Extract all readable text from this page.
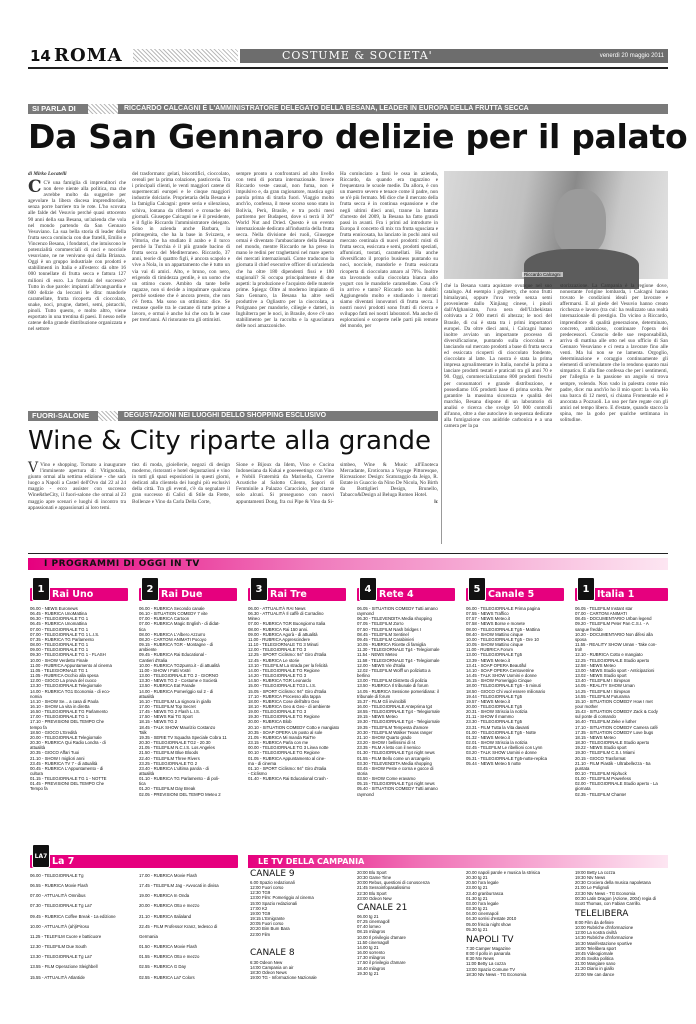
14 ROMA	COSTUME & SOCIETA'	venerdì 20 maggio 2011
SI PARLA DI	RICCARDO CALCAGNI È L'AMMINISTRATORE DELEGATO DELLA BESANA, LEADER IN EUROPA DELLA FRUTTA SECCA
Da San Gennaro delizie per il palato
di Mirko Locatelli
C C'è una famiglia di imprenditori che non deve niente alla politica, ma che avrebbe molto da suggerire per agevolare la libera discesa imprenditoriale, senza porre barriere tra le rote. L'ho scovata alle falde del Vesuvio perché quasi ottocento 90 anni della sua Besana, un'azienda che vola nel mondo partendo da San Gennaro Vesuviano. La sua bella storia di leader della frutta secca comincia con due fratelli, Emilio e Vincenzo Besana, i fondatori, che intuiscono le potenzialità commerciali di noci e nocciole vesuviane, ne ne venivano qui dalla Brianza. Oggi è un gruppo industriale con prodotti e stabilimenti in Italia e all'estero: dà oltre 16 000 tonnellate di frutta secca e fattura 127 milioni di euro. La formula del successo? Tutto in due parole: impianti all'avanguardia e 600 delizie da leccarsi le dita: mandorle caramellate, frutta ricoperta di cioccolato, snake, noci, prugne, datteri, semi, pistacchi, pinoli. Tutto questo, e molto altro, viene esportato in una trentina di paesi. Il nesso nelle catene della grande distribuzione organizzata e nel settore
del trasformato: gelati, biscottifici, cioccolato, cereali per la prima colazione, pasticceria. Tra i principali clienti, le venti maggiori catene di supermercati europei e le cinque maggiori industrie dolciarie. Proprietaria della Besana è la famiglia Calcagni: gente seria e silenziosa, schiva, lontana da riflettori e cronache dei giornali. Giuseppe Calcagni ne è il presidente, e il figlio Riccardo l'amministratore delegato. Sono in azienda anche Barbara, la primogenita, che ha la base in Svizzera, e Vittoria, che ha studiato il arabo e il turco perché la Turchia è il più grande bacino di frutta secca del Mediterraneo. Riccardo, 37 anni, teorie di quattro figli, è ancora scapolo e vive a Nola, in un appartamento che è tutto un via vai di amici. Alto, e bruno, con nero, erigendo di timidezza gentile, è un uomo che un ottimo cuore. Ambito da tante belle ragazze, non si decide a impalmare qualcuna perché sostiene che è ancora presto, che non c'è fretta. Ma sono un ottimista: dice. Se restasse quelle tra le castane di tutte prime a lavoro, e ormai è anche lui che ora fa le case per trent'anni. Al ristorante tra gli ottimisti.
sempre pronto a confrontarsi ad alto livello con temi di portata internazionale. Invece Riccardo veste casual, non fuma, non è impulsivo e, da gran ragionatore, mastica ogni parola prima di tirarla fuori. Viaggio molto anch'io, confessa, il mese scorso sono stato in Bolivia, Perù, Brasile, e tra pochi mesi partiremo per Budapest, dove si terrà il 30° World Nut and Dried. Questo è un evento internazionale dedicato all'industria della frutta secca. Nella divisione dei ruoli, Giuseppe ormai è diventato l'ambasciatore della Besana nel mondo, mentre Riccardo ne ha preso in mano le redini per traghettarsi nel mare aperto dei mercati internazionali. Come traducono la giornata il chief executive officer di un'azienda che ha oltre 180 dipendenti fissi e 180 stagionali? Si occupa principalmente di due aspetti: la produzione e l'acquisto delle materie prime. Spiega: Oltre al moderno impianto di San Gennaro, la Besana ha altre sedi produttive a Ogliastro per la cioccolata, a Putignano per mandorle, ciliegie e datteri, in Inghilterra per le noci, in Brasile, dove c'è uno stabilimento per la raccolta e la sgusciatura delle noci amazzoniche.
Ha cominciato a farsi le ossa in azienda, Riccardo, da quando era ragazzino e frequentava le scuole medie. Da allora, è con un maestro severo e tenace come il padre, non se n'è più fermato. Mi dice che il mercato della frutta secca è in continua espansione e che negli ultimi dieci anni, tranne la battuta d'arresto del 2009, la Besana ha fatto grandi passi in avanti. Fra i primi ad introdurre in Europa il concetto di mix tra frutta sgusciata e frutta ennicosata, ha lanciato in pochi anni sul mercato centinaia di nuovi prodotti: misti di frutta secca, essiccata e semi, prodotti speziati, affumicati, tostati, caramellati. Ha anche diversificato il proprio business puntando su noci, nocciole, mandorle e frutta essiccata ricoperta di cioccolato amaro al 70%. Inoltre sta lavorando sulla cioccolata bianca allo yogurt con le mandorle caramellate. Cosa c'è in arrivo e tanto? Riccardo non ha dubbi: Aggiungendo molto e studiando i mercati siamo diventati innovatori di frutta secca. I nostri nuovi prodotti sono frutti di ricerca e sviluppo fatti nei nostri laboratori. Ma anche di esplorazioni e scoperte nelle parti più remote del mondo, per
Riccardo Calcagni
ché la Besana vanta aquistare ovunque nel suo catalogo. Ad esempio i gojiberry, che sono frutti himalayani, oppure l'uva verde senza semi proveniente dallo Xinjiang cinese, i pinoli dall'Afghanistan, l'uva nera dell'Uzbekistan coltivata a 2 000 metri di altezza; le noci del Brasile, di cui è stata tra i primi importatori europei. Da oltre dieci anni, i Calcagni hanno inoltre avviato un importante processo di diversificazione, puntando sulla cioccolata e lanciando sul mercato prodotti a base di frutta secca ed essiccata ricoperti di cioccolato fondente, cioccolato al latte. La nostra è stata la prima impresa agroalimentare in Italia, nonché la prima a lanciare prodotti testati e praticati tra gli anni 70 e 90. Oggi, commercializziamo 800 prodotti freschi per consumatori e grande distribuzione, e possediamo 105 prodotti base di prima scelta. Per garantire la massima sicurezza e qualità dei marchio, Besana dispone di un laboratorio di analisi e ricerca che svolge 50 000 controlli all'anno, oltre a due autoclave in sequenza dedicate alla fumigazione con anidride carbonica e a una camera per la pa
storizzazione. La Campania è la regione dove, nonostante l'origine lombarda, i Calcagni hanno trovato le condizioni ideali per lavorare e affermarsi. E al piede del Vesuvio hanno creato ricchezza e lavoro (tra cui: ha realizzato una realtà internazionale di prestigio. Da vicino a Riccardo, imprenditore di qualità generazione, determinato, concreto, ambizioso, continuare l'opera dei predecessori. Conscio delle sue responsabilità, arriva di mattina alle otto nel suo ufficio di San Gennaro Vesuviano e ci resta a lavorare fino alle venti. Ma lui non se ne lamenta. Orgoglio, determinazione e coraggio continuamente gli elementi di un'emulatore che lo rendono quanto mai simpatico. E alla fine confessa che per i sentimenti, per l'allegria e la passione un angolo si trova sempre, volendo. Non vado in palestra come mio padre, dice: ma anch'io ho il mio sport: la vela. Ho una barca di 12 metri, si chiama Fromentale ed è ancorata a Pozzuoli. Lo uso per fare regate con gli amici nel tempo libero. E d'estate, quando stacco la spina, me la godo per qualche settimana in solitudine.
FUORI-SALONE	DEGUSTAZIONI NEI LUOGHI DELLO SHOPPING ESCLUSIVO
Wine & City riparte alla grande
V Vino e shopping. Tornato a inaugurare l'imminente apertura di: Vitignotalia, giunto ormai alla settima edizione - che sarà luogo a Napoli a Castel dell'Ovo dal 22 al 24 maggio - ecco assister con successo Wine&theCity, il fuori-salone che ormai al 23 maggio apre scenari e luoghi di incontro tra appassionati e appassionati ai loro temi.
tiez di moda, gioiellerie, negozi di design moderno, ristoranti e hotel degustazioni e vino in tutti gli spazi esposizioni in questi giorni, dedicati alla clientela dei luoghi più esclusivi della città. Tra gli eventi, c'è da segnalare il gran successo di Calici di Stile da Frette, Bollenze e Vino da Carla Della Corte,
Sione e Bijoux da Idem, Vino e Cucina Indonesiana da Kukai e gooeeeetings con Vino e Nobili Fraternità da Marinella, Caverne Acustiche al Salotto Cilento, Sapori di Femminile a Palazzo Caracciolo, per citarne solo alcuni. Si proseguono con nuovi appuntamenti Dong, fra cui Pipe & Vino da Si-
simbeo, Wine & Music all'Enoteca Mercadante, Eroticorna a Voyage Pittoresque, Ricreazione: Design: Scaturaggio da Jeigo, R. Estate in Guaccio da Nino De Nicola, No Birth da Bottiglieri Design, Brunello, Tabacco&Design al Beluga Romeo Hotel.
lc
I PROGRAMMI DI OGGI IN TV
Rai Uno
1	Rai Due
2	Rai Tre
3	Rete 4
4	Canale 5
5	Italia 1
1
06.00 - NEWS Euronews
06.45 - RUBRICA UnoMattina
06.30 - TELEGIORNALE TG 1
06.45 - RUBRICA Unomattina
07.00 - TELEGIORNALE TG 1
07.00 - TELEGIORNALE TG 1 L.I.S.
07.35 - RUBRICA TG Parlamento
08.00 - TELEGIORNALE TG 1
09.00 - TELEGIORNALE TG 1
09.30 - TELEGIORNALE TG 1 - FLASH
10.00 - SHOW Verdetto Finale
11.00 - RUBRICA Appuntamento al cinema
11.05 - TELEGIORNALE TG 1
11.05 - RUBRICA Occhio alla spesa
12.00 - GIOCO La prova del cuoco
13.30 - TELEGIORNALE Telegiornale
14.00 - RUBRICA TG1 Economia - di eco-
nomia
14.10 - SHOW Se... a casa di Paola
16.10 - SHOW La vita in diretta
16.50 - TELEGIORNALE TG Parlamento
17.00 - TELEGIORNALE TG 1
17.10 - PREVISIONI DEL TEMPO Che
tempo fa
18.50 - GIOCO L'Eredità
20.00 - TELEGIORNALE Telegiornale
20.30 - RUBRICA Qui Radio Londra - di
attualità
20.35 - GIOCO Affari Tuoi
21.10 - SHOW I migliori anni
23.45 - RUBRICA TV 7 - di attualità
00.45 - RUBRICA L'Appuntamento - di
cultura
01.15 - TELEGIORNALE TG 1 - NOTTE
01.45 - PREVISIONI DEL TEMPO Che
Tempo fa
06.00 - RUBRICA Secondo canale
06.10 - SITUATION COMEDY 7 vite
07.00 - RUBRICA Cartoon
07.00 - RUBRICA Magic English - di didat-
tica
08.00 - RUBRICA L'Albero Azzurro
08.20 - CARTONI ANIMATI Pocoyo
09.15 - RUBRICA TGR - Montagne - di
ambiente
09.45 - RUBRICA Rai Educational -
Cantieri d'Italia
10.00 - RUBRICA TG2punto.it - di attualità
11.00 - SHOW I Fatti Vostri
13.00 - TELEGIORNALE TG 2 - GIORNO
13.30 - NEWS TG 2 - Costume e Società
13.50 - RUBRICA Eat Parade
14.00 - RUBRICA Pomeriggio sul 2 - di
attualità
16.10 - TELEFILM La signora in giallo
17.00 - TELEFILM Top Secret
17.45 - NEWS TG 2 Flash L.I.S.
17.50 - NEWS Rai TG Sport
18.15 - NEWS TG 2
18.45 - TALK SHOW Maurizio Costanzo
Talk
19.35 - SERIE TV Squadra Speciale Cobra 11
20.30 - TELEGIORNALE TG2 - 20.30
21.05 - TELEFILM N.C.I.S. Los Angeles
21.50 - TELEFILM Blue Bloods
22.40 - TELEFILM Three Rivers
23.25 - TELEGIORNALE TG 2
23.40 - RUBRICA L'ultima parola - di
attualità
01.10 - RUBRICA TG Parlamento - di poli-
tica
01.20 - TELEFILM Day Break
02.05 - PREVISIONI DEL TEMPO Meteo 2
06.00 - ATTUALITÀ RAI News
06.30 - ATTUALITÀ Il caffè di Corradino
Mineo
07.00 - RUBRICA TGR Buongiorno Italia
08.00 - RUBRICA Rai 150 anni.
09.00 - RUBRICA Agorà - di attualità
11.00 - RUBRICA Apprescindere
11.10 - TELEGIORNALE TG 3 Minuti
12.00 - TELEGIORNALE TG 3
12.25 - SPORT Ciclismo: 94° Giro d'Italia
12.45 - RUBRICA Le storie
13.10 - TELEFILM La strada per la felicità
14.00 - TELEGIORNALE TG Regione
14.20 - TELEGIORNALE TG 3
14.50 - RUBRICA TGR Leonardo
15.00 - TELEGIORNALE TG3 L.I.S.
15.05 - SPORT Ciclismo: 94° Giro d'Italia
17.10 - RUBRICA Processo alla tappa
18.00 - RUBRICA Cose dell'altro Geo
18.10 - RUBRICA Geo & Geo - di ambiente
19.00 - TELEGIORNALE TG 3
19.30 - TELEGIORNALE TG Regione
20.00 - RUBRICA Blob
20.10 - SITUATION COMEDY Cotto e mangiato
20.35 - SOAP OPERA Un posto al sole
21.05 - RUBRICA Mi manda RaiTre
23.15 - RUBRICA Parla con me
00.00 - TELEGIORNALE TG 3 Linea notte
00.10 - TELEGIORNALE TG Regione
01.05 - RUBRICA Appuntamento al cine-
ma - di cinema
01.10 - SPORT Ciclismo: 94° Giro d'Italia
- Ciclismo
01.40 - RUBRICA Rai Educational Crash -
06.05 - SITUATION COMEDY Tutti amano
raymond
06.30 - TELEVENDITA Media shopping
07.05 - TELEFILM Zorro
07.50 - TELEFILM Nash bridges I
08.45 - TELEFILM Sentinel
09.45 - TELEFILM Carabinieri
10.05 - RUBRICA Ricette di famiglia
11.30 - TELEGIORNALE Tg4 - Telegiornale
11.54 - NEWS Meteo
11.58 - TELEGIORNALE Tg4 - Telegiornale
12.00 - NEWS Vie d'Italia
12.02 - TELEFILM Wolff un poliziotto a
berlino
13.00 - TELEFILM Distretto di polizia
13.50 - RUBRICA Il tribunale di forum
14.05 - RUBRICA Sessione pomeridiana: il
tribunale di forum
15.37 - FILM Gli invincibili
16.00 - TELEGIORNALE Anteprima tg4
18.55 - TELEGIORNALE Tg4 - Telegiornale
19.15 - NEWS Meteo
19.30 - TELEGIORNALE Tg4 - Telegiornale
19.35 - TELEFILM Tempesta d'amore
20.30 - TELEFILM Walker Texas ranger
21.10 - SHOW Quarto grado
23.20 - SHOW I bellissimi di r4
23.35 - FILM A letto con il nemico
01.30 - TELEGIORNALE Tg4 night news
01.55 - FILM Bello come un arcangelo
03.30 - TELEVENDITA Media shopping
03.45 - SHOW Peste e corna e gocce di
storia
03.50 - SHOW Come eravamo
05.15 - TELEGIORNALE Tg4 night news
05.40 - SITUATION COMEDY Tutti amano
raymond
06.00 - TELEGIORNALE Prima pagina
07.55 - NEWS Traffico
07.57 - NEWS Meteo.it
07.58 - NEWS Borse e monete
08.00 - TELEGIORNALE Tg5 - Mattina
08.40 - SHOW Mattino cinque
10.00 - TELEGIORNALE Tg5 - Ore 10
10.05 - SHOW Mattino cinque
11.00 - RUBRICA Forum
13.00 - TELEGIORNALE Tg5
13.39 - NEWS Meteo.it
13.41 - SOAP OPERA Beautiful
14.10 - SOAP OPERA Centovetrine
14.45 - TALK SHOW Uomini e donne
16.15 - SHOW Pomeriggio Cinque
18.00 - TELEGIORNALE Tg5 - 5 minuti
18.50 - GIOCO Chi vuol essere milionario
19.44 - TELEGIORNALE Tg5
19.57 - NEWS Meteo.it
20.00 - TELEGIORNALE Tg5
20.31 - SHOW Striscia la notizia
21.11 - SHOW Il mammo
23.30 - TELEGIORNALE Tg5
23.31 - FILM Tutta la Vita davanti
01.00 - TELEGIORNALE Tg5 - Notte
01.32 - NEWS Meteo.it
02.01 - SHOW Striscia la notizia
02.45 - TELEFILM Le ribellioni con Lynn
03.20 - TALK SHOW Uomini e donne
05.31 - TELEGIORNALE Tg5-notte-replica
05.44 - NEWS Meteo 5 notte
06.05 - TELEFILM Instant star
07.00 - CARTONI ANIMATI
08.45 - DOCUMENTARIO Urban legend
09.20 - TELEFILM Peter Pan C.S.I. - A
sangue freddo
10.20 - DOCUMENTARIO Non difesi alla
sposa
11.55 - REALITY SHOW Uman - Take con-
trol!
12.10 - RUBRICA Cotto e mangiato
12.25 - TELEGIORNALE Studio aperto
12.58 - NEWS Meteo
13.00 - NEWS Studio sport - Anticipazioni
13.02 - NEWS Studio sport
13.40 - TELEFILM I Simpson
14.05 - REALITY SHOW Uman
14.25 - TELEFILM I Simpson
14.55 - TELEFILM Futurama
15.10 - SITUATION COMEDY How I met
your mother
15.43 - SITUATION COMEDY Zack & Cody
sul ponte di comando
16.40 - TELEFILM Zeke e luther
17.10 - SITUATION COMEDY Camera café
17.35 - SITUATION COMEDY Love bugs
18.15 - NEWS Meteo
18.30 - TELEGIORNALE Studio aperto
19.22 - NEWS Studio sport
19.30 - TELEFILM C.S.I. Miami
20.15 - GIOCO Trasformat
21.10 - FILM Piastik - Ultrabellezza - 5a
puntata
00.10 - TELEFILM Nip/tuck
01.00 - TELEFILM Powerless
02.00 - TELEGIORNALE Studio aperto - La
giornata
02.35 - TELEFILM Chante!
La 7
LA7
06.00 - TELEGIORNALE Tg
06.55 - RUBRICA Movie Flash
07.00 - ATTUALITÀ Omnibus
07.30 - TELEGIORNALE Tg La7
09.45 - RUBRICA Coffee Break - 1a edizione
10.00 - ATTUALITÀ (ah)iPiroso
11.25 - TELEFILM Cuore e batticuore
12.30 - TELEFILM Due South
13.30 - TELEGIORNALE Tg La7
13.55 - FILM Operazione Sleighbell
15.55 - ATTUALITÀ Atlantide
17.00 - RUBRICA Movie Flash
17.45 - TELEFILM Jag - Avvocati in divisa
19.00 - RUBRICA In Onda
20.00 - RUBRICA Otto e mezzo
21.10 - RUBRICA Italialand
22.45 - FILM Professor Kranz, tedesco di
Germania
01.50 - RUBRICA Movie Flash
01.55 - RUBRICA Otto e mezzo
02.55 - RUBRICA G Day
02.55 - RUBRICA La7 Colors
LE TV DELLA CAMPANIA
CANALE 9
6.00 Spazio redazionali
12:00 Fuori corso
12:30 TG9
13:00 Film: Pomeriggio al cinema
15:00 Spazio redazionali
17:00 K2
19:00 TG9
19:15 L'Emigrante
20:05 Fuori corso
20:20 Bim Bum Bara
22:00 Film
CANALE 8
6:30 Odeon New
14:00 Campania on air
18:30 Odeon News
19:00 TG - Informazione Nazionale
20:00 Blu Sport
20:30 Game Time
20:00 Rebus, questioni di conoscenza
21:45 Sessoinfopasalissimo
22:30 Blu Sport
23:00 Odeon New
CANALE 21
06.00 tg 21
07.25 cinemagoll
07.40 lomeo
08.15 milagros
10.00 Il privilegio d'amare
11.50 cinemagoll
14.00 tg 21
16.00 sorrento
17.30 milagros
17.50 il privilegio d'amare
18.40 milagros
19.30 tg 21
20.00 napoli parole e musica la strisica
20.30 tg 21
20.50 l'ora legale
23.00 tg 21
23.40 granburrasca
01.30 tg 21
03.00 l'ora legale
03.30 tg 21
04.00 cinemapoli
04.30 sorrisi d'estate 2010
05.00 friscia night show
05.30 tg 21
NAPOLI TV
7:30 Camper Magazine
8:00 Il pollo in panarola
8:30 Ntv News
11:00 Betty La cozza
13:00 Spazio Comune TV
18:30 Ntv News - TG Economia
19:00 Betty La cozza
19:30 Ntv News
20:30 Crociera della musica napoletana
21:00 Le Polignoli
23:30 Ntv News - TG Economia
00:30 Latin Dragon (Azione, 2004) regia di
Scott Thomas, con Fabian Carrillo.
TELELIBERA
8:00 Film da definire
10:00 Rubriche d'informazione
12:00 La nostra civiltà
14:30 Rubriche d'informazione
16:30 Manifestazione sportive
18:00 Telelibera sport
19:45 Videogiornale
20:45 Svolta politica
21:00 Mangiare sano
21:20 Diario in giallo
22:00 We can dance
